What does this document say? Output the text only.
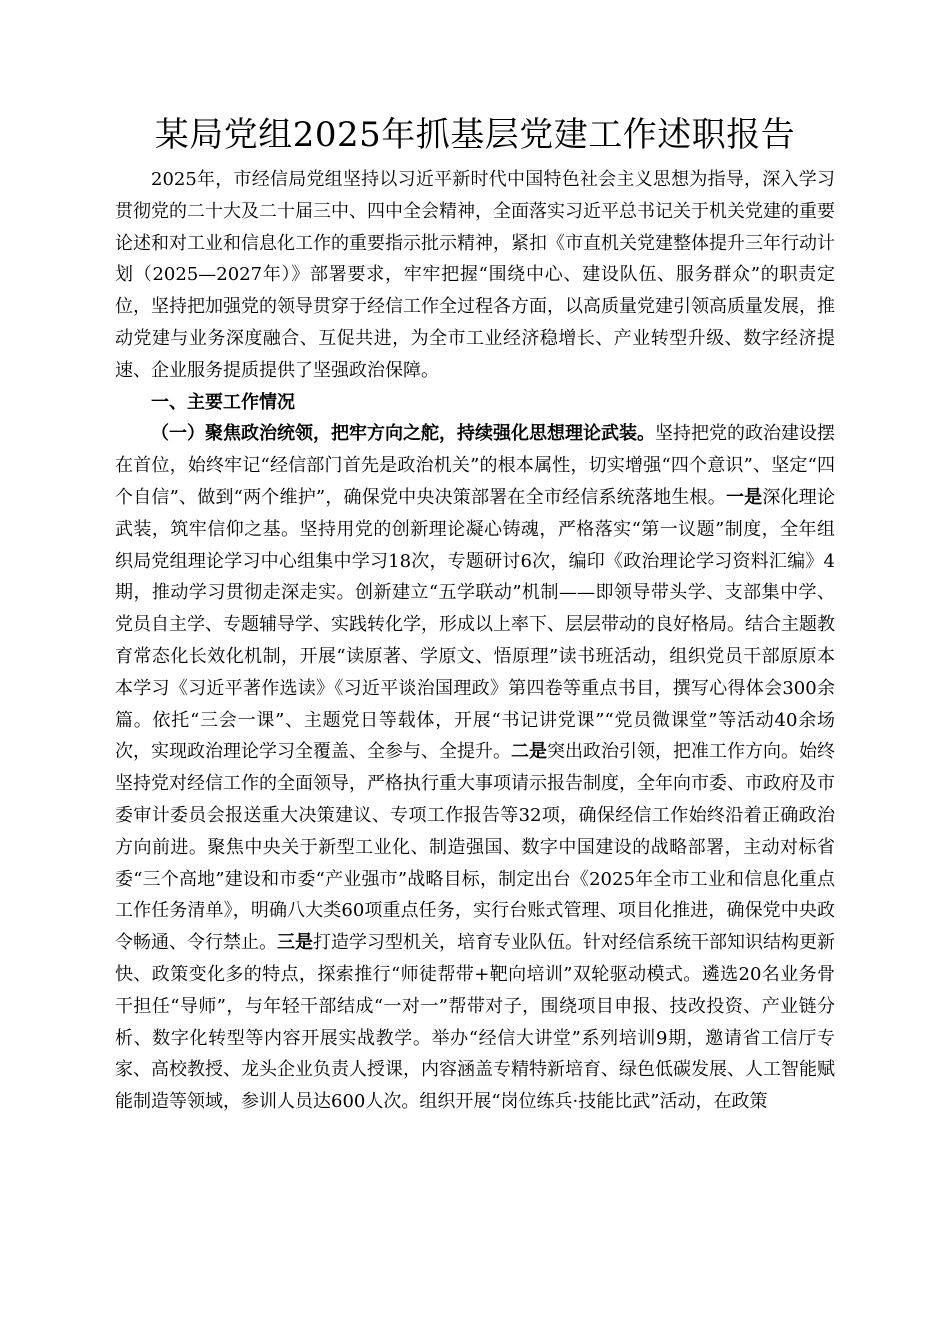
某局党组2025年抓基层党建工作述职报告

2025年，市经信局党组坚持以习近平新时代中国特色社会主义思想为指导，深入学习贯彻党的二十大及二十届三中、四中全会精神，全面落实习近平总书记关于机关党建的重要论述和对工业和信息化工作的重要指示批示精神，紧扣《市直机关党建整体提升三年行动计划（2025—2027年）》部署要求，牢牢把握“围绕中心、建设队伍、服务群众”的职责定位，坚持把加强党的领导贯穿于经信工作全过程各方面，以高质量党建引领高质量发展，推动党建与业务深度融合、互促共进，为全市工业经济稳增长、产业转型升级、数字经济提速、企业服务提质提供了坚强政治保障。

一、主要工作情况

（一）聚焦政治统领，把牢方向之舵，持续强化思想理论武装。坚持把党的政治建设摆在首位，始终牢记“经信部门首先是政治机关”的根本属性，切实增强“四个意识”、坚定“四个自信”、做到“两个维护”，确保党中央决策部署在全市经信系统落地生根。一是深化理论武装，筑牢信仰之基。坚持用党的创新理论凝心铸魂，严格落实“第一议题”制度，全年组织局党组理论学习中心组集中学习18次，专题研讨6次，编印《政治理论学习资料汇编》4期，推动学习贯彻走深走实。创新建立“五学联动”机制——即领导带头学、支部集中学、党员自主学、专题辅导学、实践转化学，形成以上率下、层层带动的良好格局。结合主题教育常态化长效化机制，开展“读原著、学原文、悟原理”读书班活动，组织党员干部原原本本学习《习近平著作选读》《习近平谈治国理政》第四卷等重点书目，撰写心得体会300余篇。依托“三会一课”、主题党日等载体，开展“书记讲党课”“党员微课堂”等活动40余场次，实现政治理论学习全覆盖、全参与、全提升。二是突出政治引领，把准工作方向。始终坚持党对经信工作的全面领导，严格执行重大事项请示报告制度，全年向市委、市政府及市委审计委员会报送重大决策建议、专项工作报告等32项，确保经信工作始终沿着正确政治方向前进。聚焦中央关于新型工业化、制造强国、数字中国建设的战略部署，主动对标省委“三个高地”建设和市委“产业强市”战略目标，制定出台《2025年全市工业和信息化重点工作任务清单》，明确八大类60项重点任务，实行台账式管理、项目化推进，确保党中央政令畅通、令行禁止。三是打造学习型机关，培育专业队伍。针对经信系统干部知识结构更新快、政策变化多的特点，探索推行“师徒帮带+靶向培训”双轮驱动模式。遴选20名业务骨干担任“导师”，与年轻干部结成“一对一”帮带对子，围绕项目申报、技改投资、产业链分析、数字化转型等内容开展实战教学。举办“经信大讲堂”系列培训9期，邀请省工信厅专家、高校教授、龙头企业负责人授课，内容涵盖专精特新培育、绿色低碳发展、人工智能赋能制造等领域，参训人员达600人次。组织开展“岗位练兵·技能比武”活动，在政策
